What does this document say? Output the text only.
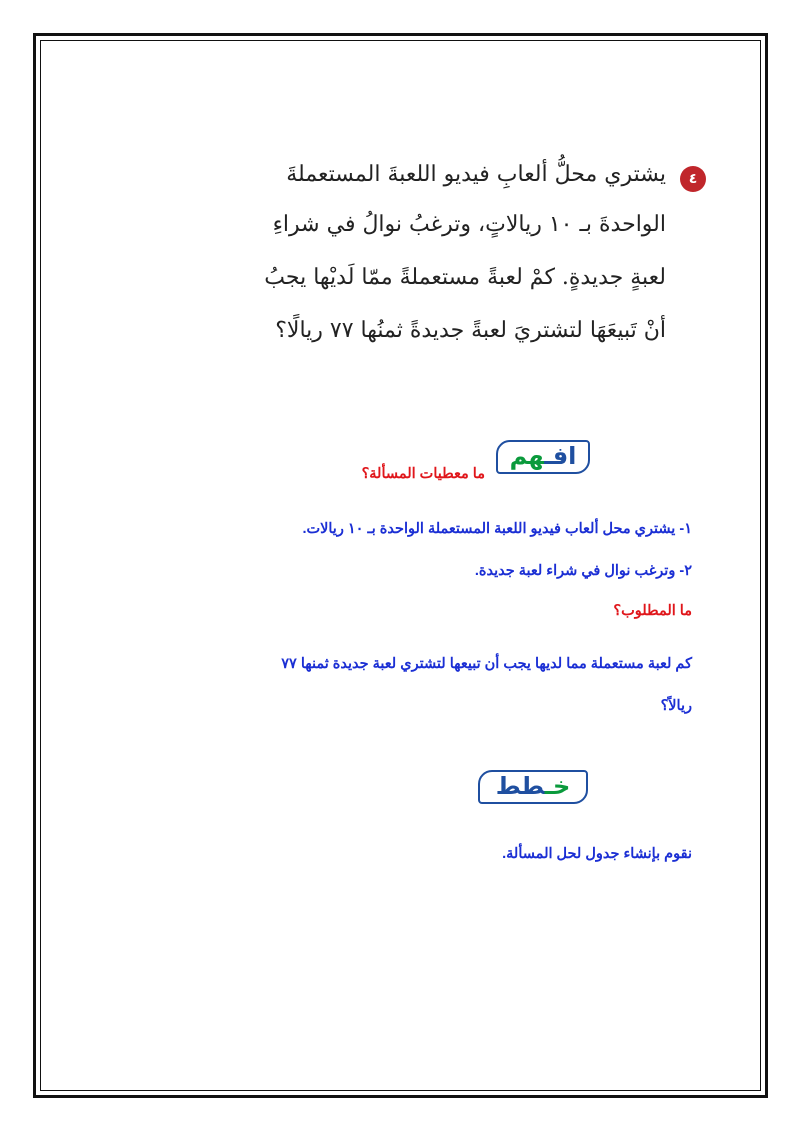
٤
يشتري محلُّ ألعابِ فيديو اللعبةَ المستعملةَ
الواحدةَ بـ ١٠ ريالاتٍ، وترغبُ نوالُ في شراءِ
لعبةٍ جديدةٍ. كمْ لعبةً مستعملةً ممّا لَديْها يجبُ
أنْ تَبيعَهَا لتشتريَ لعبةً جديدةً ثمنُها ٧٧ ريالًا؟
افـهم
ما معطيات المسألة؟
١- يشتري محل ألعاب فيديو اللعبة المستعملة الواحدة بـ ١٠ ريالات.
٢- وترغب نوال في شراء لعبة جديدة.
ما المطلوب؟
كم لعبة مستعملة مما لديها يجب أن تبيعها لتشتري لعبة جديدة ثمنها ٧٧
ريالاً؟
خـطط
نقوم بإنشاء جدول لحل المسألة.
